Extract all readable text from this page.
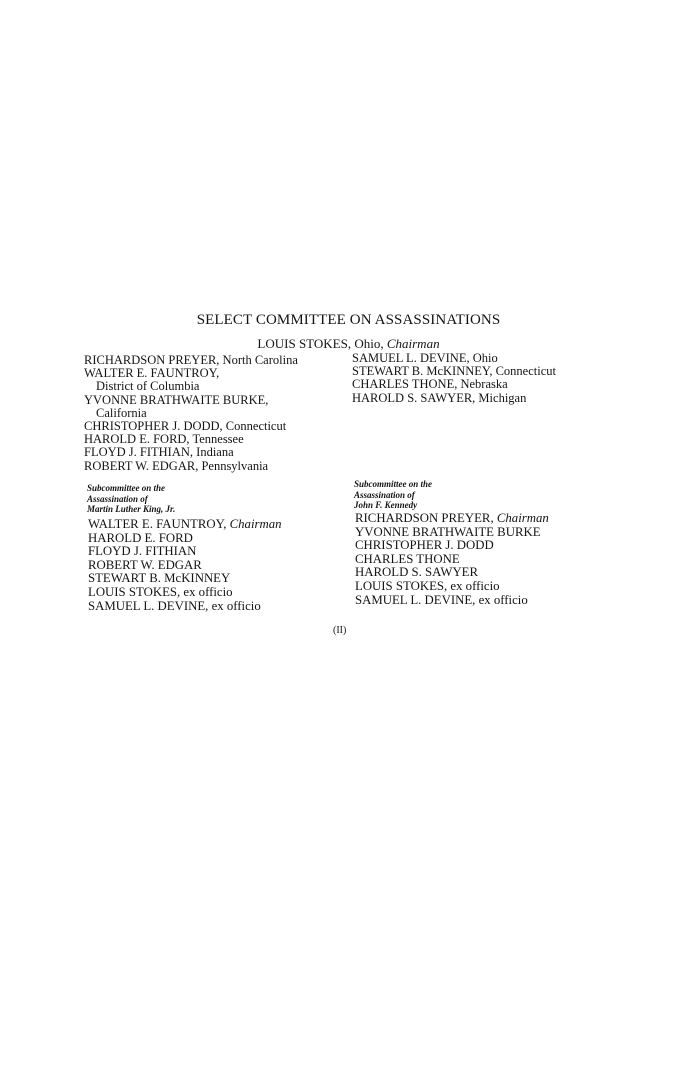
SELECT COMMITTEE ON ASSASSINATIONS
LOUIS STOKES, Ohio, Chairman
RICHARDSON PREYER, North Carolina
WALTER E. FAUNTROY,
District of Columbia
YVONNE BRATHWAITE BURKE,
California
CHRISTOPHER J. DODD, Connecticut
HAROLD E. FORD, Tennessee
FLOYD J. FITHIAN, Indiana
ROBERT W. EDGAR, Pennsylvania
SAMUEL L. DEVINE, Ohio
STEWART B. McKINNEY, Connecticut
CHARLES THONE, Nebraska
HAROLD S. SAWYER, Michigan

Subcommittee on the
Assassination of
Martin Luther King, Jr.

WALTER E. FAUNTROY, Chairman
HAROLD E. FORD
FLOYD J. FITHIAN
ROBERT W. EDGAR
STEWART B. McKINNEY
LOUIS STOKES, ex officio
SAMUEL L. DEVINE, ex officio

Subcommittee on the
Assassination of
John F. Kennedy

RICHARDSON PREYER, Chairman
YVONNE BRATHWAITE BURKE
CHRISTOPHER J. DODD
CHARLES THONE
HAROLD S. SAWYER
LOUIS STOKES, ex officio
SAMUEL L. DEVINE, ex officio
(II)
